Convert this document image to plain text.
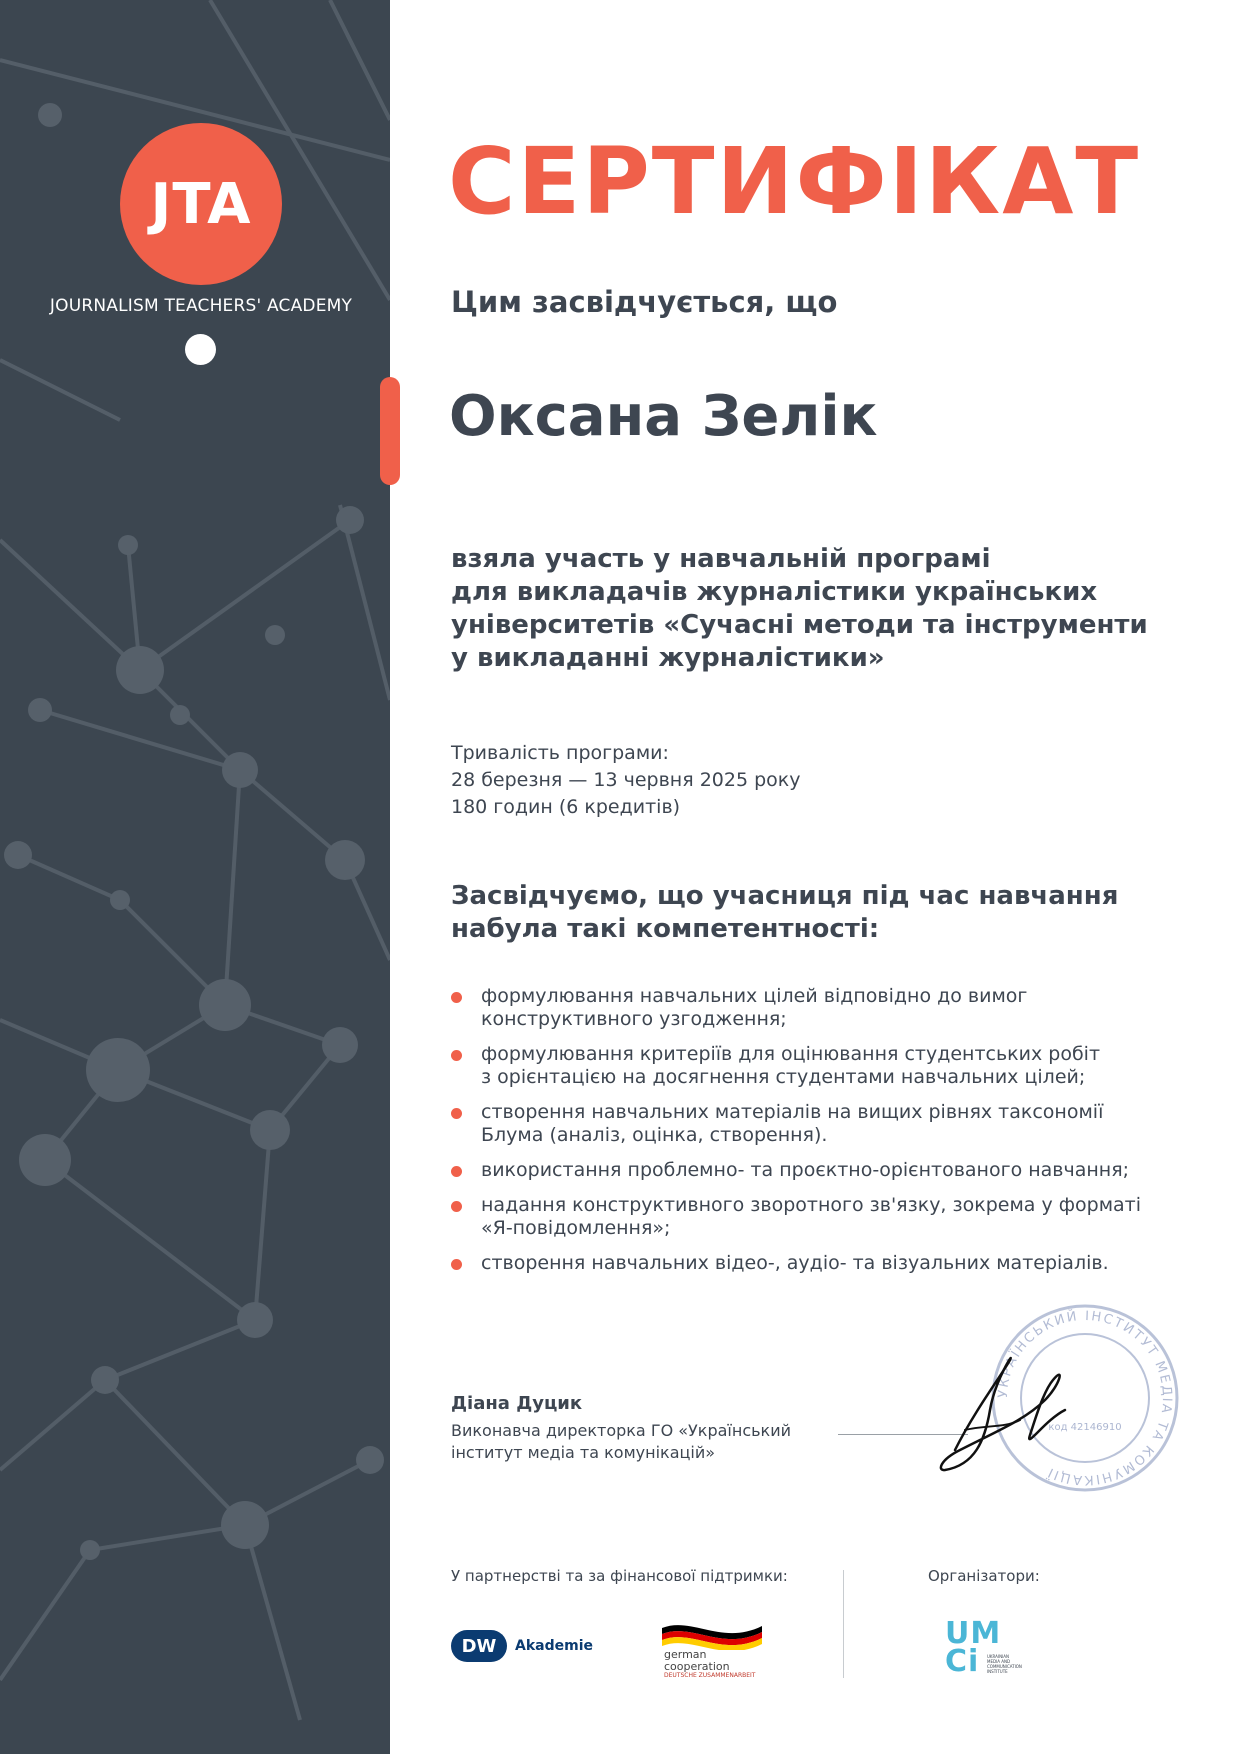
JTA
JOURNALISM TEACHERS' ACADEMY
СЕРТИФІКАТ
Цим засвідчується, що
Оксана Зелік
взяла участь у навчальній програмі
для викладачів журналістики українських
університетів «Сучасні методи та інструменти
у викладанні журналістики»
Тривалість програми:
28 березня — 13 червня 2025 року
180 годин (6 кредитів)
Засвідчуємо, що учасниця під час навчання
набула такі компетентності:
формулювання навчальних цілей відповідно до вимог
конструктивного узгодження;
формулювання критеріїв для оцінювання студентських робіт
з орієнтацією на досягнення студентами навчальних цілей;
створення навчальних матеріалів на вищих рівнях таксономії
Блума (аналіз, оцінка, створення).
використання проблемно- та проєктно-орієнтованого навчання;
надання конструктивного зворотного зв'язку, зокрема у форматі
«Я-повідомлення»;
створення навчальних відео-, аудіо- та візуальних матеріалів.
Діана Дуцик
Виконавча директорка ГО «Український
інститут медіа та комунікацій»
УКРАЇНСЬКИЙ ІНСТИТУТ МЕДІА ТА КОМУНІКАЦІЇ
код 42146910
У партнерстві та за фінансової підтримки:	Організатори:
DW	Akademie
german
cooperation
DEUTSCHE ZUSAMMENARBEIT
UM
Ci	UKRAINIAN
MEDIA AND
COMMUNICATION
INSTITUTE
